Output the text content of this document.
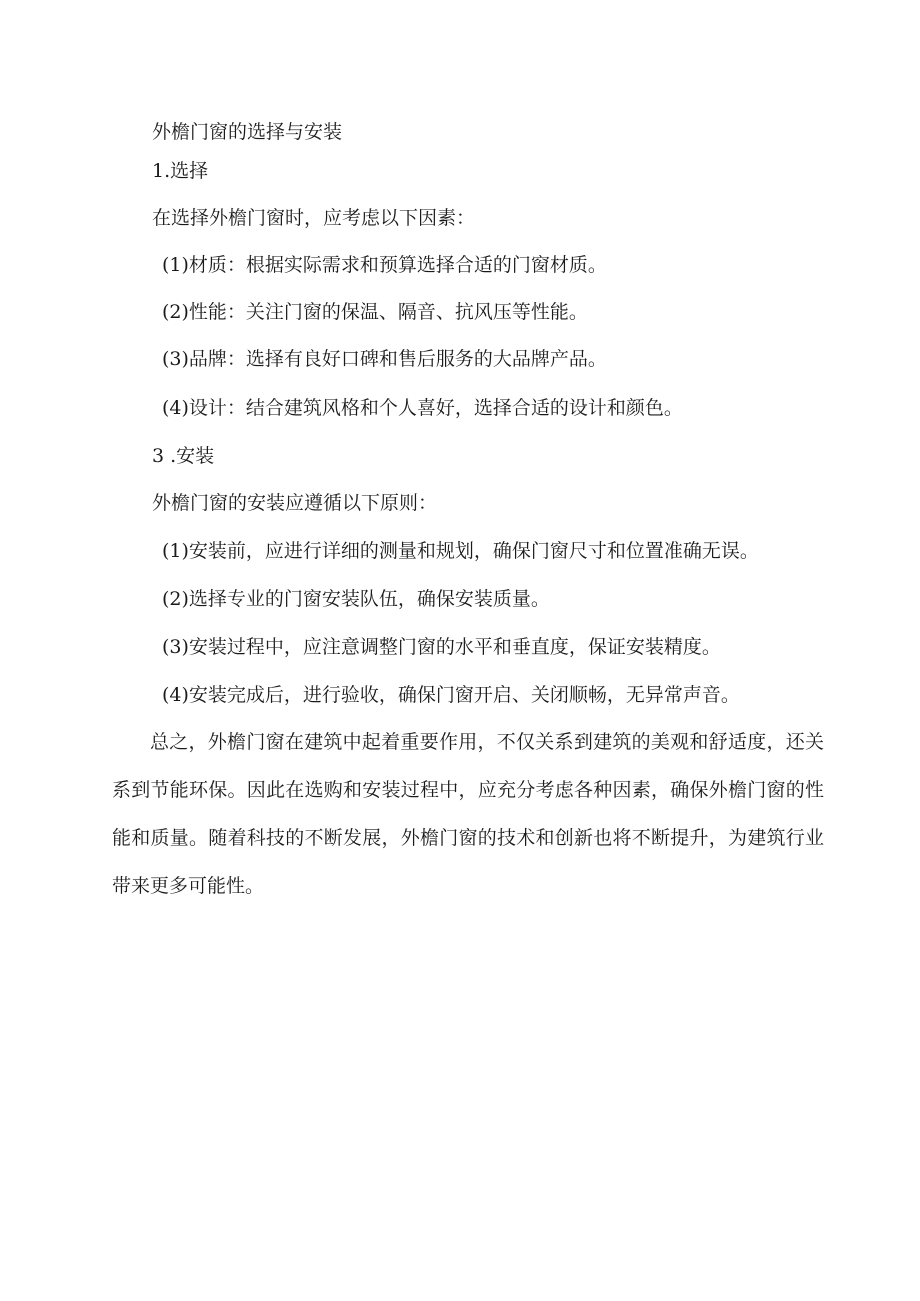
外檐门窗的选择与安装
1.选择
在选择外檐门窗时，应考虑以下因素：
(1)材质：根据实际需求和预算选择合适的门窗材质。
(2)性能：关注门窗的保温、隔音、抗风压等性能。
(3)品牌：选择有良好口碑和售后服务的大品牌产品。
(4)设计：结合建筑风格和个人喜好，选择合适的设计和颜色。
3 .安装
外檐门窗的安装应遵循以下原则：
(1)安装前，应进行详细的测量和规划，确保门窗尺寸和位置准确无误。
(2)选择专业的门窗安装队伍，确保安装质量。
(3)安装过程中，应注意调整门窗的水平和垂直度，保证安装精度。
(4)安装完成后，进行验收，确保门窗开启、关闭顺畅，无异常声音。
总之，外檐门窗在建筑中起着重要作用，不仅关系到建筑的美观和舒适度，还关系到节能环保。因此在选购和安装过程中，应充分考虑各种因素，确保外檐门窗的性能和质量。随着科技的不断发展，外檐门窗的技术和创新也将不断提升，为建筑行业带来更多可能性。
